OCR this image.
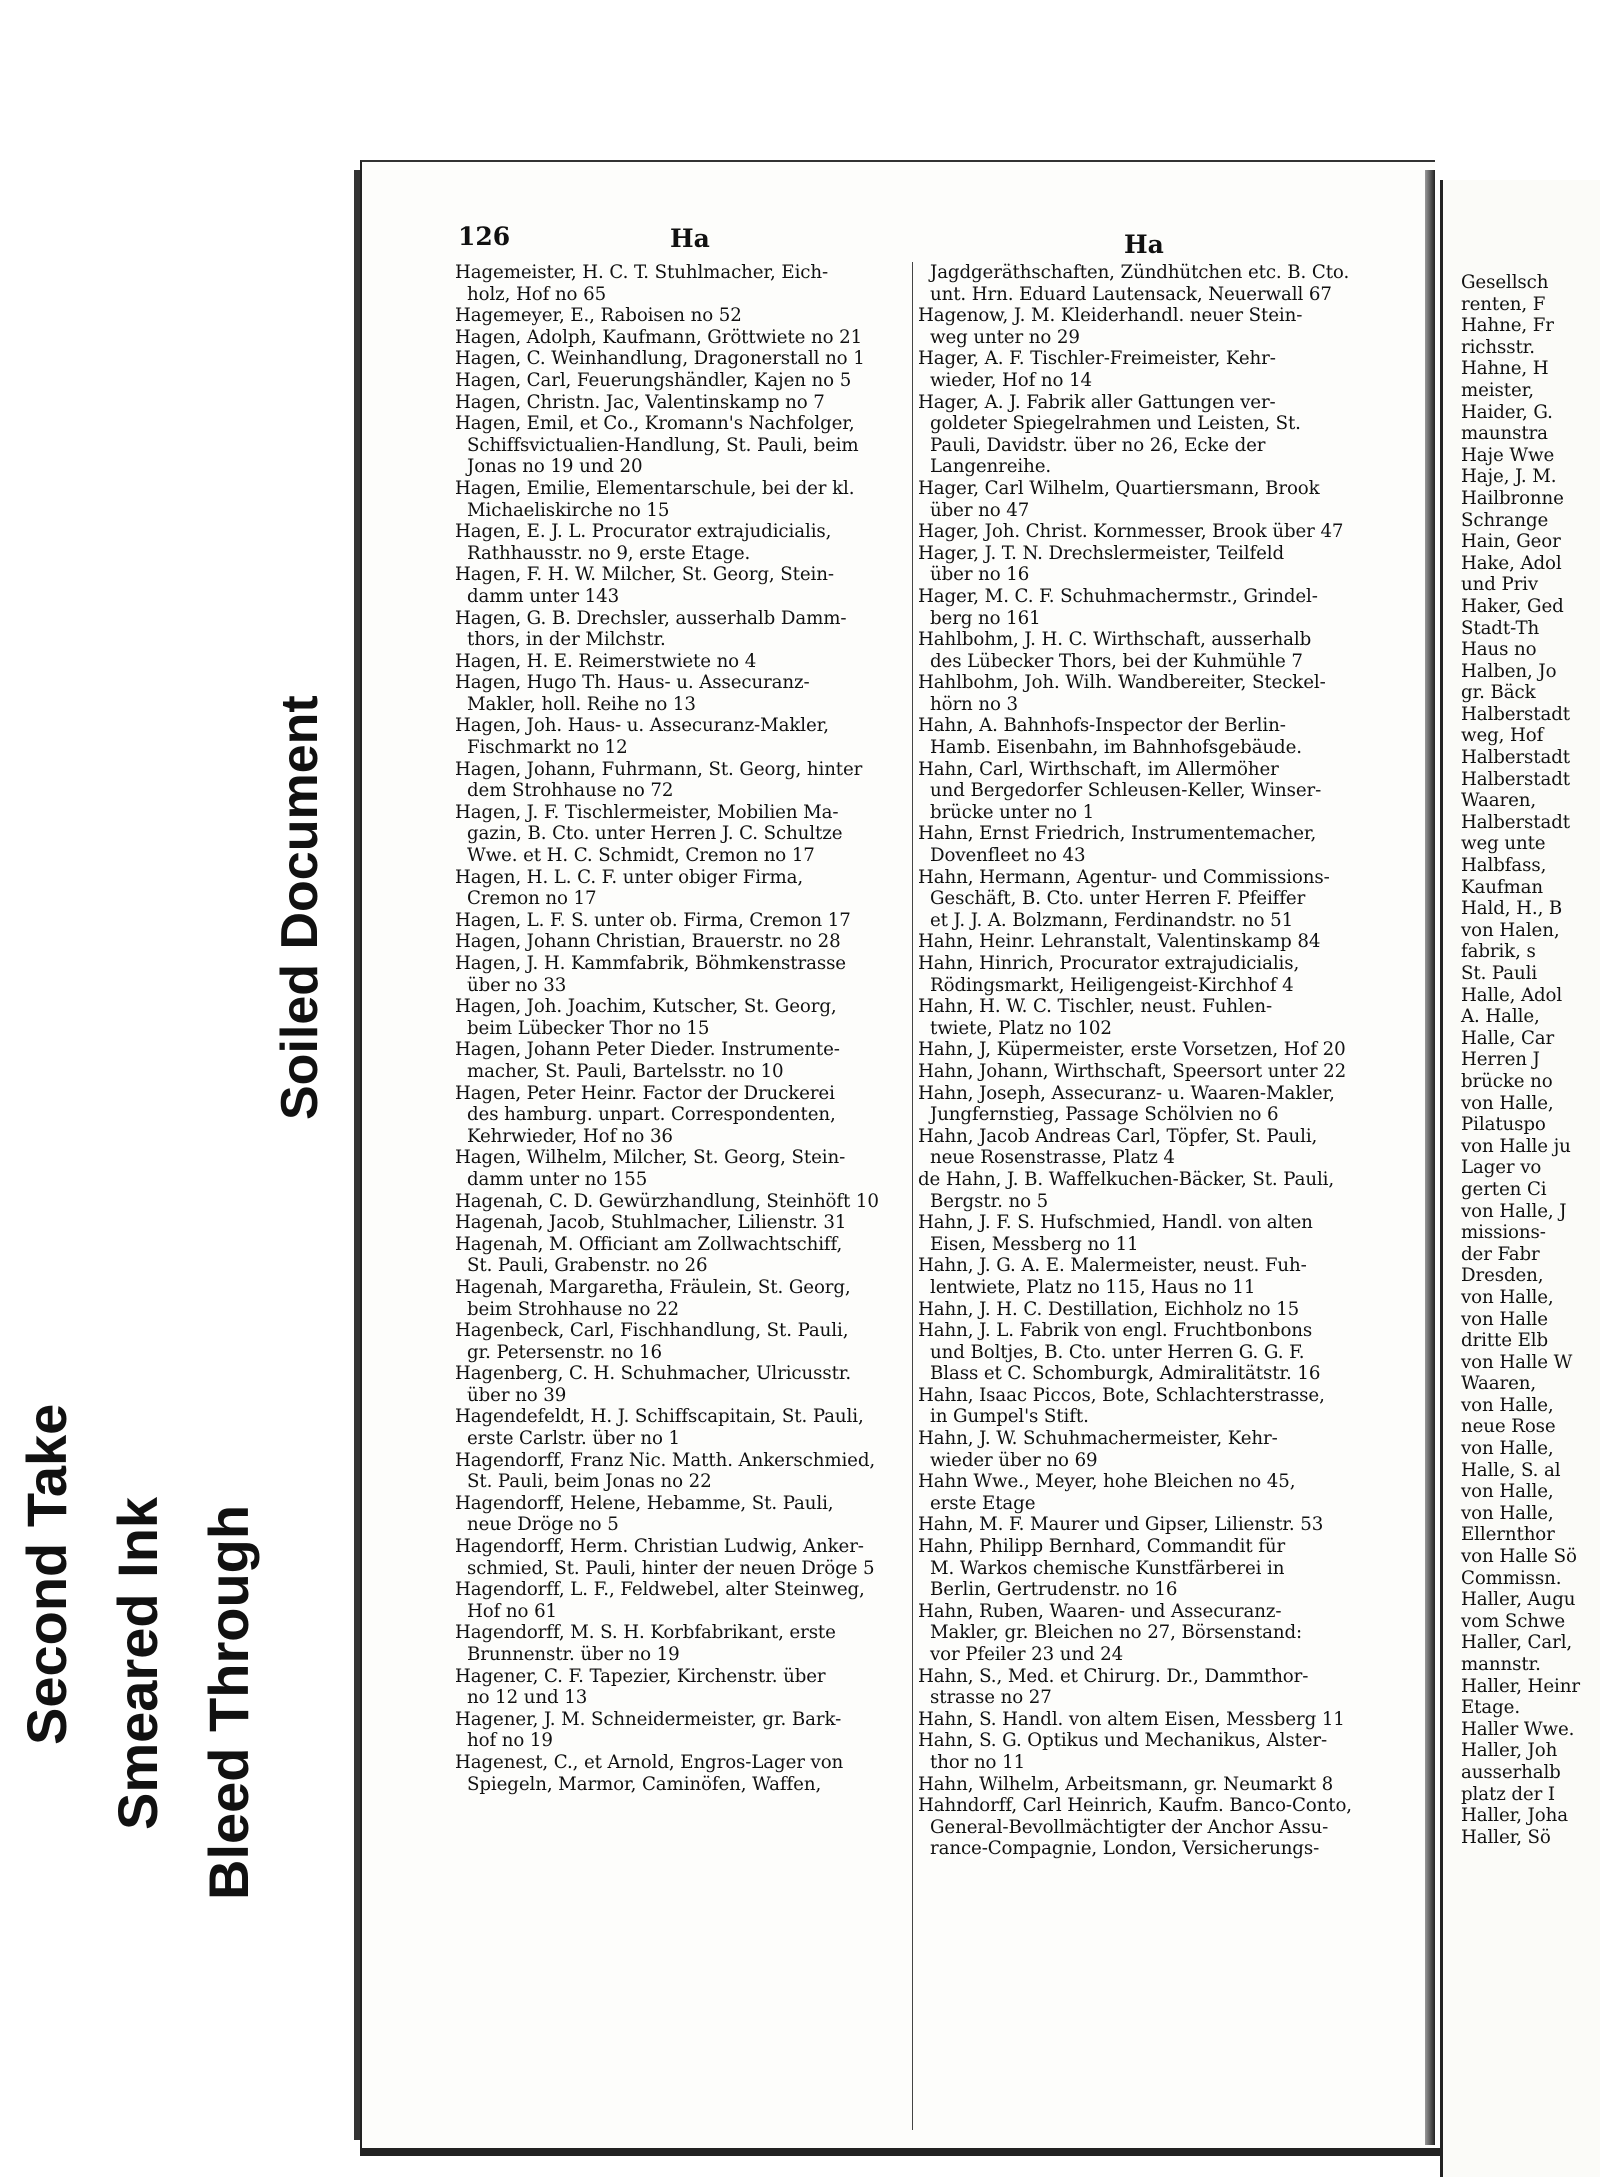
Second Take Smeared Ink Bleed Through
Soiled Document
Gesellsch
renten, F
Hahne, Fr
richsstr.
Hahne, H
meister,
Haider, G.
maunstra
Haje Wwe
Haje, J. M.
Hailbronne
Schrange
Hain, Geor
Hake, Adol
und Priv
Haker, Ged
Stadt-Th
Haus no
Halben, Jo
gr. Bäck
Halberstadt
weg, Hof
Halberstadt
Halberstadt
Waaren,
Halberstadt
weg unte
Halbfass,
Kaufman
Hald, H., B
von Halen,
fabrik, s
St. Pauli
Halle, Adol
A. Halle,
Halle, Car
Herren J
brücke no
von Halle,
Pilatuspo
von Halle ju
Lager vo
gerten Ci
von Halle, J
missions-
der Fabr
Dresden,
von Halle,
von Halle
dritte Elb
von Halle W
Waaren,
von Halle,
neue Rose
von Halle,
Halle, S. al
von Halle,
von Halle,
Ellernthor
von Halle Sö
Commissn.
Haller, Augu
vom Schwe
Haller, Carl,
mannstr.
Haller, Heinr
Etage.
Haller Wwe.
Haller, Joh
ausserhalb
platz der I
Haller, Joha
Haller, Sö
126	Ha	Ha
Hagemeister, H. C. T. Stuhlmacher, Eich-
holz, Hof no 65
Hagemeyer, E., Raboisen no 52
Hagen, Adolph, Kaufmann, Gröttwiete no 21
Hagen, C. Weinhandlung, Dragonerstall no 1
Hagen, Carl, Feuerungshändler, Kajen no 5
Hagen, Christn. Jac, Valentinskamp no 7
Hagen, Emil, et Co., Kromann's Nachfolger,
Schiffsvictualien-Handlung, St. Pauli, beim
Jonas no 19 und 20
Hagen, Emilie, Elementarschule, bei der kl.
Michaeliskirche no 15
Hagen, E. J. L. Procurator extrajudicialis,
Rathhausstr. no 9, erste Etage.
Hagen, F. H. W. Milcher, St. Georg, Stein-
damm unter 143
Hagen, G. B. Drechsler, ausserhalb Damm-
thors, in der Milchstr.
Hagen, H. E. Reimerstwiete no 4
Hagen, Hugo Th. Haus- u. Assecuranz-
Makler, holl. Reihe no 13
Hagen, Joh. Haus- u. Assecuranz-Makler,
Fischmarkt no 12
Hagen, Johann, Fuhrmann, St. Georg, hinter
dem Strohhause no 72
Hagen, J. F. Tischlermeister, Mobilien Ma-
gazin, B. Cto. unter Herren J. C. Schultze
Wwe. et H. C. Schmidt, Cremon no 17
Hagen, H. L. C. F. unter obiger Firma,
Cremon no 17
Hagen, L. F. S. unter ob. Firma, Cremon 17
Hagen, Johann Christian, Brauerstr. no 28
Hagen, J. H. Kammfabrik, Böhmkenstrasse
über no 33
Hagen, Joh. Joachim, Kutscher, St. Georg,
beim Lübecker Thor no 15
Hagen, Johann Peter Dieder. Instrumente-
macher, St. Pauli, Bartelsstr. no 10
Hagen, Peter Heinr. Factor der Druckerei
des hamburg. unpart. Correspondenten,
Kehrwieder, Hof no 36
Hagen, Wilhelm, Milcher, St. Georg, Stein-
damm unter no 155
Hagenah, C. D. Gewürzhandlung, Steinhöft 10
Hagenah, Jacob, Stuhlmacher, Lilienstr. 31
Hagenah, M. Officiant am Zollwachtschiff,
St. Pauli, Grabenstr. no 26
Hagenah, Margaretha, Fräulein, St. Georg,
beim Strohhause no 22
Hagenbeck, Carl, Fischhandlung, St. Pauli,
gr. Petersenstr. no 16
Hagenberg, C. H. Schuhmacher, Ulricusstr.
über no 39
Hagendefeldt, H. J. Schiffscapitain, St. Pauli,
erste Carlstr. über no 1
Hagendorff, Franz Nic. Matth. Ankerschmied,
St. Pauli, beim Jonas no 22
Hagendorff, Helene, Hebamme, St. Pauli,
neue Dröge no 5
Hagendorff, Herm. Christian Ludwig, Anker-
schmied, St. Pauli, hinter der neuen Dröge 5
Hagendorff, L. F., Feldwebel, alter Steinweg,
Hof no 61
Hagendorff, M. S. H. Korbfabrikant, erste
Brunnenstr. über no 19
Hagener, C. F. Tapezier, Kirchenstr. über
no 12 und 13
Hagener, J. M. Schneidermeister, gr. Bark-
hof no 19
Hagenest, C., et Arnold, Engros-Lager von
Spiegeln, Marmor, Caminöfen, Waffen,
Jagdgeräthschaften, Zündhütchen etc. B. Cto.
unt. Hrn. Eduard Lautensack, Neuerwall 67
Hagenow, J. M. Kleiderhandl. neuer Stein-
weg unter no 29
Hager, A. F. Tischler-Freimeister, Kehr-
wieder, Hof no 14
Hager, A. J. Fabrik aller Gattungen ver-
goldeter Spiegelrahmen und Leisten, St.
Pauli, Davidstr. über no 26, Ecke der
Langenreihe.
Hager, Carl Wilhelm, Quartiersmann, Brook
über no 47
Hager, Joh. Christ. Kornmesser, Brook über 47
Hager, J. T. N. Drechslermeister, Teilfeld
über no 16
Hager, M. C. F. Schuhmachermstr., Grindel-
berg no 161
Hahlbohm, J. H. C. Wirthschaft, ausserhalb
des Lübecker Thors, bei der Kuhmühle 7
Hahlbohm, Joh. Wilh. Wandbereiter, Steckel-
hörn no 3
Hahn, A. Bahnhofs-Inspector der Berlin-
Hamb. Eisenbahn, im Bahnhofsgebäude.
Hahn, Carl, Wirthschaft, im Allermöher
und Bergedorfer Schleusen-Keller, Winser-
brücke unter no 1
Hahn, Ernst Friedrich, Instrumentemacher,
Dovenfleet no 43
Hahn, Hermann, Agentur- und Commissions-
Geschäft, B. Cto. unter Herren F. Pfeiffer
et J. J. A. Bolzmann, Ferdinandstr. no 51
Hahn, Heinr. Lehranstalt, Valentinskamp 84
Hahn, Hinrich, Procurator extrajudicialis,
Rödingsmarkt, Heiligengeist-Kirchhof 4
Hahn, H. W. C. Tischler, neust. Fuhlen-
twiete, Platz no 102
Hahn, J, Küpermeister, erste Vorsetzen, Hof 20
Hahn, Johann, Wirthschaft, Speersort unter 22
Hahn, Joseph, Assecuranz- u. Waaren-Makler,
Jungfernstieg, Passage Schölvien no 6
Hahn, Jacob Andreas Carl, Töpfer, St. Pauli,
neue Rosenstrasse, Platz 4
de Hahn, J. B. Waffelkuchen-Bäcker, St. Pauli,
Bergstr. no 5
Hahn, J. F. S. Hufschmied, Handl. von alten
Eisen, Messberg no 11
Hahn, J. G. A. E. Malermeister, neust. Fuh-
lentwiete, Platz no 115, Haus no 11
Hahn, J. H. C. Destillation, Eichholz no 15
Hahn, J. L. Fabrik von engl. Fruchtbonbons
und Boltjes, B. Cto. unter Herren G. G. F.
Blass et C. Schomburgk, Admiralitätstr. 16
Hahn, Isaac Piccos, Bote, Schlachterstrasse,
in Gumpel's Stift.
Hahn, J. W. Schuhmachermeister, Kehr-
wieder über no 69
Hahn Wwe., Meyer, hohe Bleichen no 45,
erste Etage
Hahn, M. F. Maurer und Gipser, Lilienstr. 53
Hahn, Philipp Bernhard, Commandit für
M. Warkos chemische Kunstfärberei in
Berlin, Gertrudenstr. no 16
Hahn, Ruben, Waaren- und Assecuranz-
Makler, gr. Bleichen no 27, Börsenstand:
vor Pfeiler 23 und 24
Hahn, S., Med. et Chirurg. Dr., Dammthor-
strasse no 27
Hahn, S. Handl. von altem Eisen, Messberg 11
Hahn, S. G. Optikus und Mechanikus, Alster-
thor no 11
Hahn, Wilhelm, Arbeitsmann, gr. Neumarkt 8
Hahndorff, Carl Heinrich, Kaufm. Banco-Conto,
General-Bevollmächtigter der Anchor Assu-
rance-Compagnie, London, Versicherungs-
